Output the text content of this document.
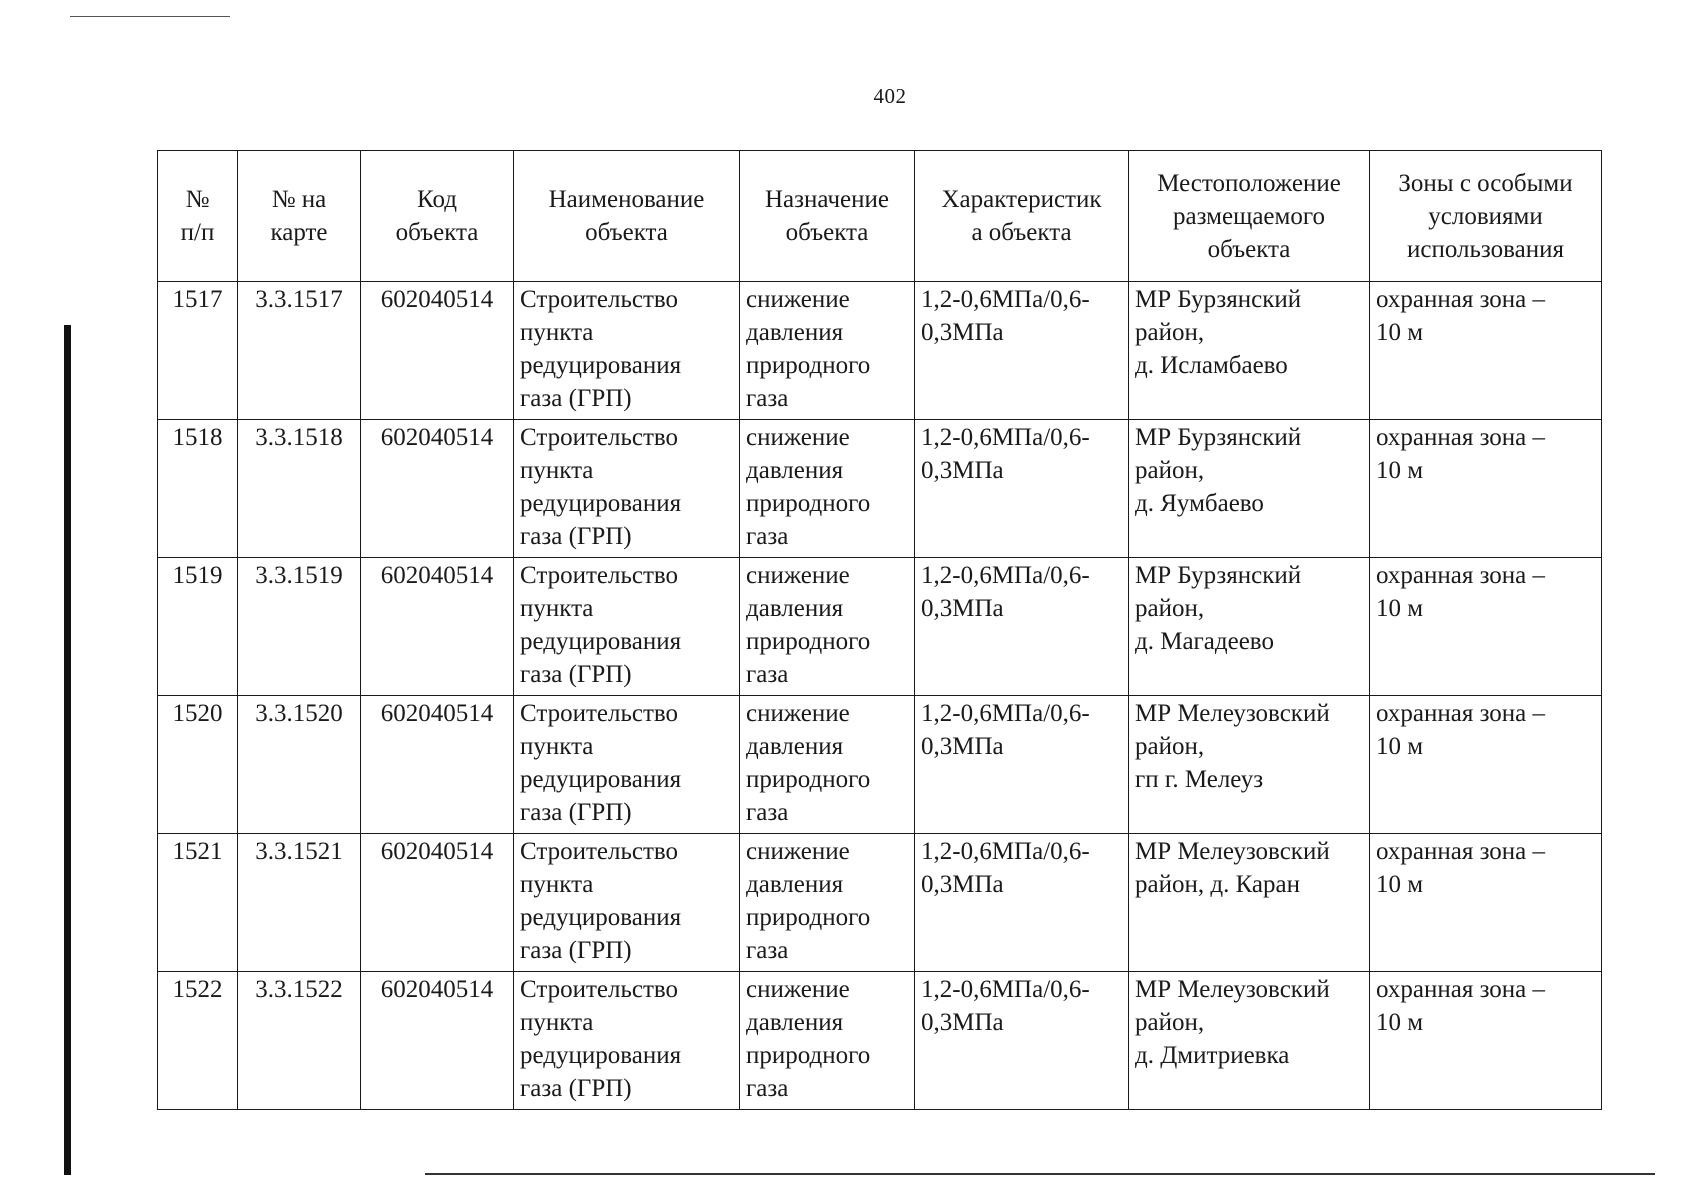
402
№
п/п	№ на
карте	Код
объекта	Наименование
объекта	Назначение
объекта	Характеристик
а объекта	Местоположение
размещаемого
объекта	Зоны с особыми
условиями
использования
1517	3.3.1517	602040514	Строительство
пункта
редуцирования
газа (ГРП)	снижение
давления
природного
газа	1,2-0,6МПа/0,6-
0,3МПа	МР Бурзянский
район,
д. Исламбаево	охранная зона –
10 м
1518	3.3.1518	602040514	Строительство
пункта
редуцирования
газа (ГРП)	снижение
давления
природного
газа	1,2-0,6МПа/0,6-
0,3МПа	МР Бурзянский
район,
д. Яумбаево	охранная зона –
10 м
1519	3.3.1519	602040514	Строительство
пункта
редуцирования
газа (ГРП)	снижение
давления
природного
газа	1,2-0,6МПа/0,6-
0,3МПа	МР Бурзянский
район,
д. Магадеево	охранная зона –
10 м
1520	3.3.1520	602040514	Строительство
пункта
редуцирования
газа (ГРП)	снижение
давления
природного
газа	1,2-0,6МПа/0,6-
0,3МПа	МР Мелеузовский
район,
гп г. Мелеуз	охранная зона –
10 м
1521	3.3.1521	602040514	Строительство
пункта
редуцирования
газа (ГРП)	снижение
давления
природного
газа	1,2-0,6МПа/0,6-
0,3МПа	МР Мелеузовский
район, д. Каран	охранная зона –
10 м
1522	3.3.1522	602040514	Строительство
пункта
редуцирования
газа (ГРП)	снижение
давления
природного
газа	1,2-0,6МПа/0,6-
0,3МПа	МР Мелеузовский
район,
д. Дмитриевка	охранная зона –
10 м
